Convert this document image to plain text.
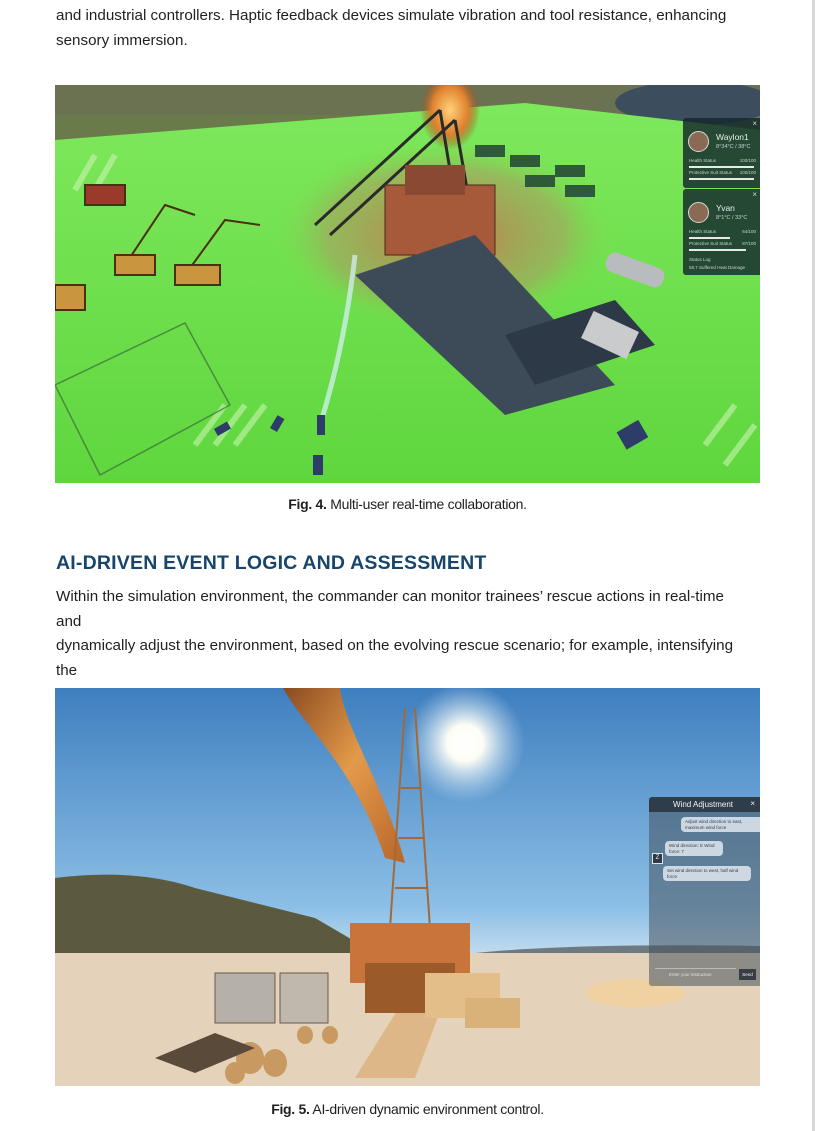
and industrial controllers. Haptic feedback devices simulate vibration and tool resistance, enhancing
sensory immersion.

×
Waylon1
8°34°C / 38°C
Health Status	100/100
Protective Suit Status 100/100
×
Yvan
8°1°C / 33°C
Health Status	64/100
Protective Suit Status 87/100
Status Log
58.7 Suffered Heat Damage
Fig. 4. Multi-user real-time collaboration.
AI-DRIVEN EVENT LOGIC AND ASSESSMENT

Within the simulation environment, the commander can monitor trainees’ rescue actions in real-time and
dynamically adjust the environment, based on the evolving rescue scenario; for example, intensifying the

Wind Adjustment ×
Adjust wind direction to east, maximum wind force
Z
Wind direction: E Wind force: 7
Set wind direction to west, half wind force
Enter your instruction	Send
Fig. 5. AI-driven dynamic environment control.
